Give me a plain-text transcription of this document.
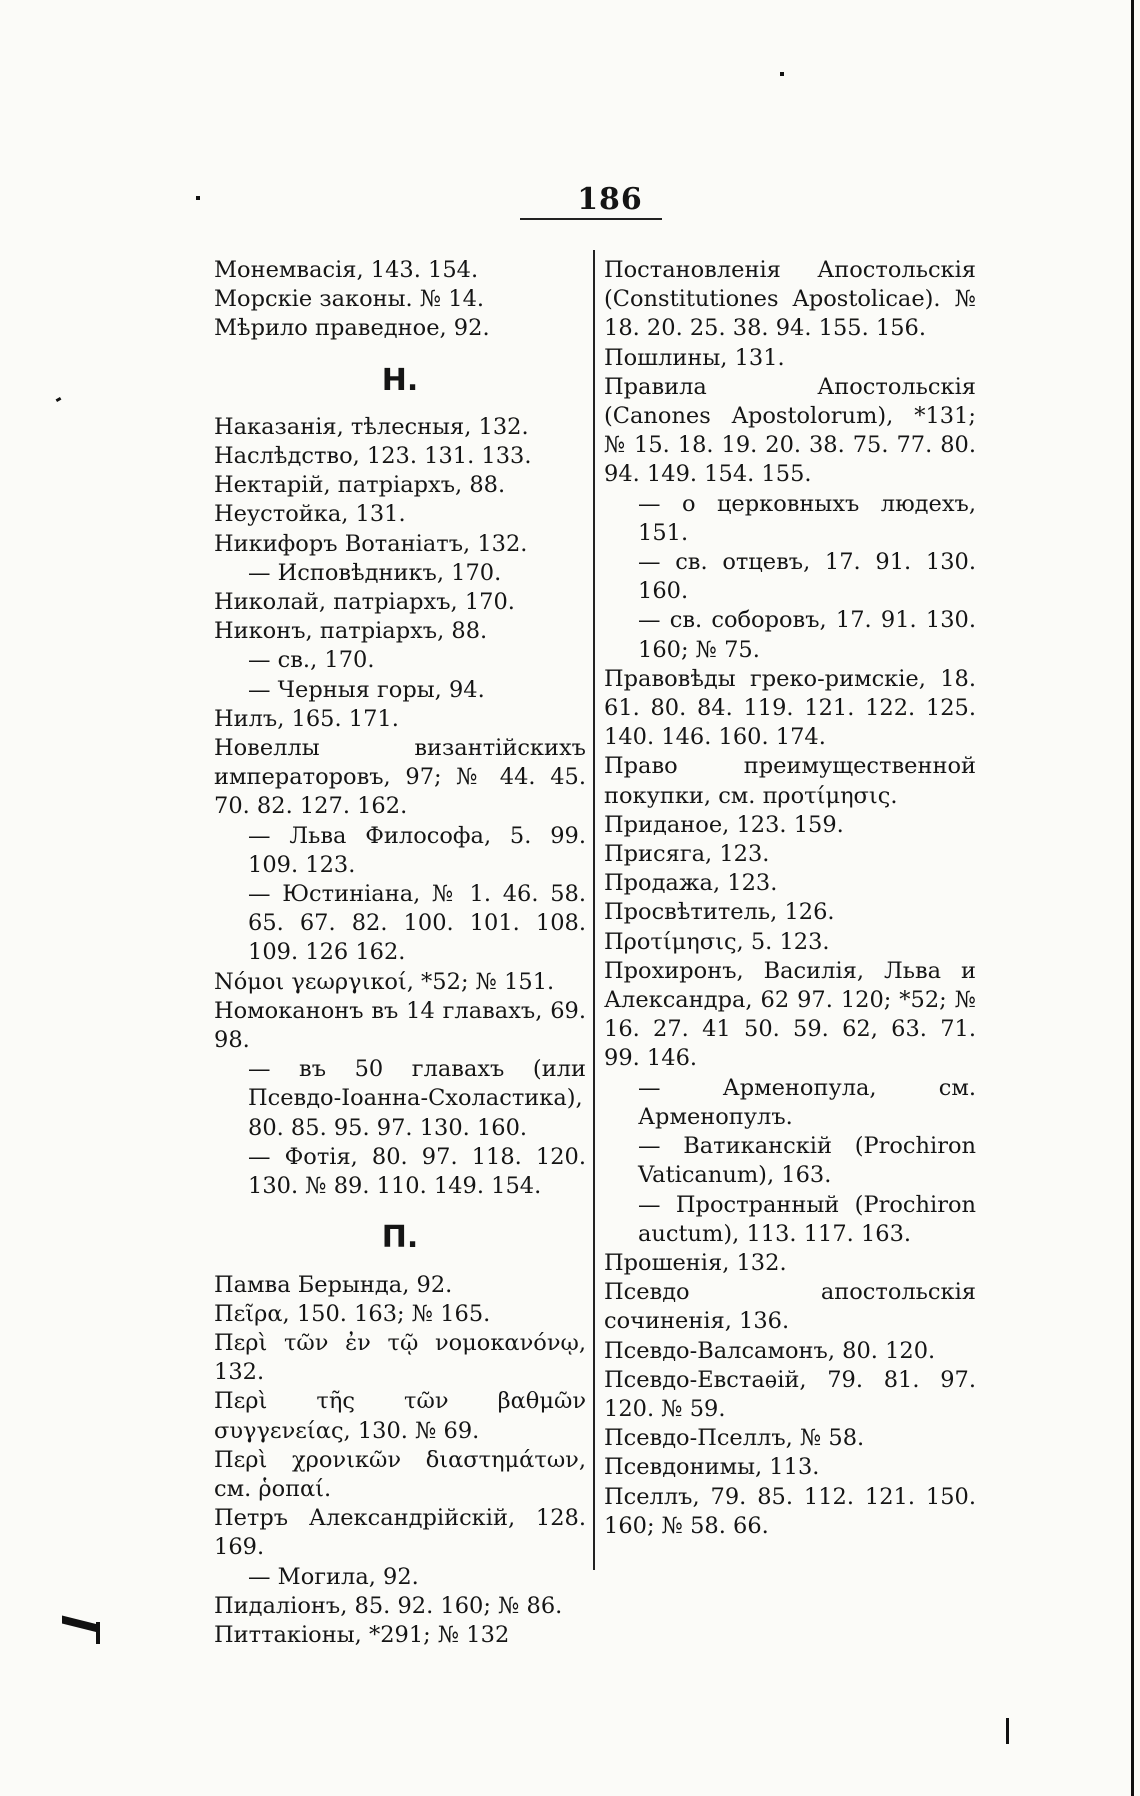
186
Монемвасія, 143. 154.
Морскіе законы. № 14.
Мѣрило праведное, 92.
Н.
Наказанія, тѣлесныя, 132.
Наслѣдство, 123. 131. 133.
Нектарій, патріархъ, 88.
Неустойка, 131.
Никифоръ Вотаніатъ, 132.
— Исповѣдникъ, 170.
Николай, патріархъ, 170.
Никонъ, патріархъ, 88.
— св., 170.
— Черныя горы, 94.
Нилъ, 165. 171.
Новеллы византійскихъ императоровъ, 97; № 44. 45. 70. 82. 127. 162.
— Льва Философа, 5. 99. 109. 123.
— Юстиніана, № 1. 46. 58. 65. 67. 82. 100. 101. 108. 109. 126 162.
Νόμοι γεωργικοί, *52; № 151.
Номоканонъ въ 14 главахъ, 69. 98.
— въ 50 главахъ (или Псевдо-Іоанна-Схоластика), 80. 85. 95. 97. 130. 160.
— Фотія, 80. 97. 118. 120. 130. № 89. 110. 149. 154.
П.
Памва Берында, 92.
Πεῖρα, 150. 163; № 165.
Περὶ τῶν ἐν τῷ νομοκανόνῳ, 132.
Περὶ τῆς τῶν βαθμῶν συγγενείας, 130. № 69.
Περὶ χρονικῶν διαστημάτων, см. ῥοπαί.
Петръ Александрійскій, 128. 169.
— Могила, 92.
Пидаліонъ, 85. 92. 160; № 86.
Питтакіоны, *291; № 132
Постановленія Апостольскія (Constitutiones Apostolicae). № 18. 20. 25. 38. 94. 155. 156.
Пошлины, 131.
Правила Апостольскія (Canones Apostolorum), *131; № 15. 18. 19. 20. 38. 75. 77. 80. 94. 149. 154. 155.
— о церковныхъ людехъ, 151.
— св. отцевъ, 17. 91. 130. 160.
— св. соборовъ, 17. 91. 130. 160; № 75.
Правовѣды греко-римскіе, 18. 61. 80. 84. 119. 121. 122. 125. 140. 146. 160. 174.
Право преимущественной покупки, см. προτίμησις.
Приданое, 123. 159.
Присяга, 123.
Продажа, 123.
Просвѣтитель, 126.
Προτίμησις, 5. 123.
Прохиронъ, Василія, Льва и Александра, 62 97. 120; *52; № 16. 27. 41 50. 59. 62, 63. 71. 99. 146.
— Арменопула, см. Арменопулъ.
— Ватиканскій (Prochiron Vaticanum), 163.
— Пространный (Prochiron auctum), 113. 117. 163.
Прошенія, 132.
Псевдо апостольскія сочиненія, 136.
Псевдо-Валсамонъ, 80. 120.
Псевдо-Евстаѳій, 79. 81. 97. 120. № 59.
Псевдо-Пселлъ, № 58.
Псевдонимы, 113.
Пселлъ, 79. 85. 112. 121. 150. 160; № 58. 66.
